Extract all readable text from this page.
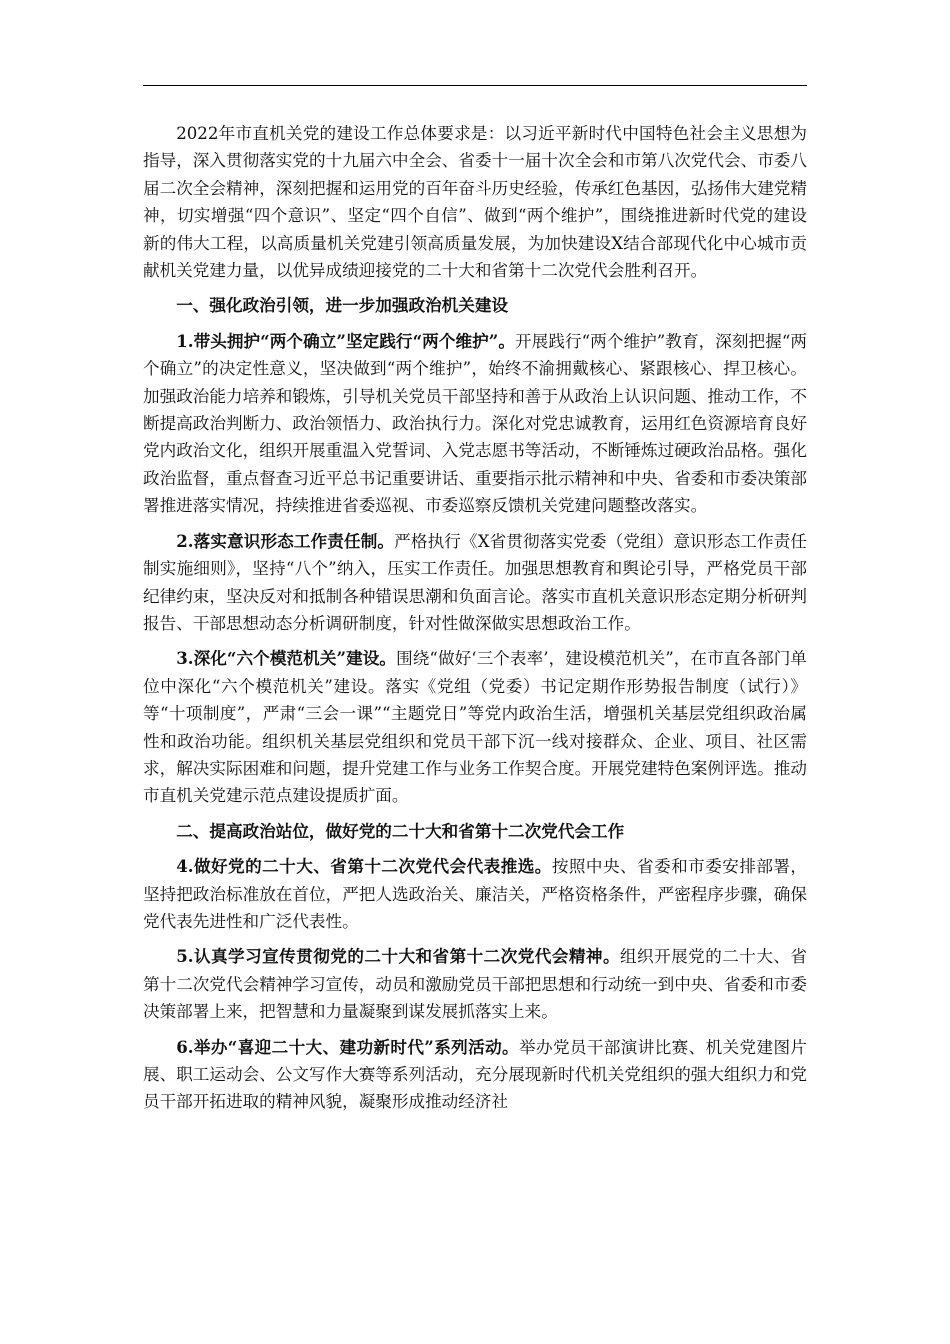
2022年市直机关党的建设工作总体要求是：以习近平新时代中国特色社会主义思想为指导，深入贯彻落实党的十九届六中全会、省委十一届十次全会和市第八次党代会、市委八届二次全会精神，深刻把握和运用党的百年奋斗历史经验，传承红色基因，弘扬伟大建党精神，切实增强“四个意识”、坚定“四个自信”、做到“两个维护”，围绕推进新时代党的建设新的伟大工程，以高质量机关党建引领高质量发展，为加快建设X结合部现代化中心城市贡献机关党建力量，以优异成绩迎接党的二十大和省第十二次党代会胜利召开。

一、强化政治引领，进一步加强政治机关建设

1.带头拥护“两个确立”坚定践行“两个维护”。开展践行“两个维护”教育，深刻把握“两个确立”的决定性意义，坚决做到“两个维护”，始终不渝拥戴核心、紧跟核心、捍卫核心。加强政治能力培养和锻炼，引导机关党员干部坚持和善于从政治上认识问题、推动工作，不断提高政治判断力、政治领悟力、政治执行力。深化对党忠诚教育，运用红色资源培育良好党内政治文化，组织开展重温入党誓词、入党志愿书等活动，不断锤炼过硬政治品格。强化政治监督，重点督查习近平总书记重要讲话、重要指示批示精神和中央、省委和市委决策部署推进落实情况，持续推进省委巡视、市委巡察反馈机关党建问题整改落实。

2.落实意识形态工作责任制。严格执行《X省贯彻落实党委（党组）意识形态工作责任制实施细则》，坚持“八个”纳入，压实工作责任。加强思想教育和舆论引导，严格党员干部纪律约束，坚决反对和抵制各种错误思潮和负面言论。落实市直机关意识形态定期分析研判报告、干部思想动态分析调研制度，针对性做深做实思想政治工作。

3.深化“六个模范机关”建设。围绕“做好‘三个表率’，建设模范机关”，在市直各部门单位中深化“六个模范机关”建设。落实《党组（党委）书记定期作形势报告制度（试行）》等“十项制度”，严肃“三会一课”“主题党日”等党内政治生活，增强机关基层党组织政治属性和政治功能。组织机关基层党组织和党员干部下沉一线对接群众、企业、项目、社区需求，解决实际困难和问题，提升党建工作与业务工作契合度。开展党建特色案例评选。推动市直机关党建示范点建设提质扩面。

二、提高政治站位，做好党的二十大和省第十二次党代会工作

4.做好党的二十大、省第十二次党代会代表推选。按照中央、省委和市委安排部署，坚持把政治标准放在首位，严把人选政治关、廉洁关，严格资格条件，严密程序步骤，确保党代表先进性和广泛代表性。

5.认真学习宣传贯彻党的二十大和省第十二次党代会精神。组织开展党的二十大、省第十二次党代会精神学习宣传，动员和激励党员干部把思想和行动统一到中央、省委和市委决策部署上来，把智慧和力量凝聚到谋发展抓落实上来。

6.举办“喜迎二十大、建功新时代”系列活动。举办党员干部演讲比赛、机关党建图片展、职工运动会、公文写作大赛等系列活动，充分展现新时代机关党组织的强大组织力和党员干部开拓进取的精神风貌，凝聚形成推动经济社
